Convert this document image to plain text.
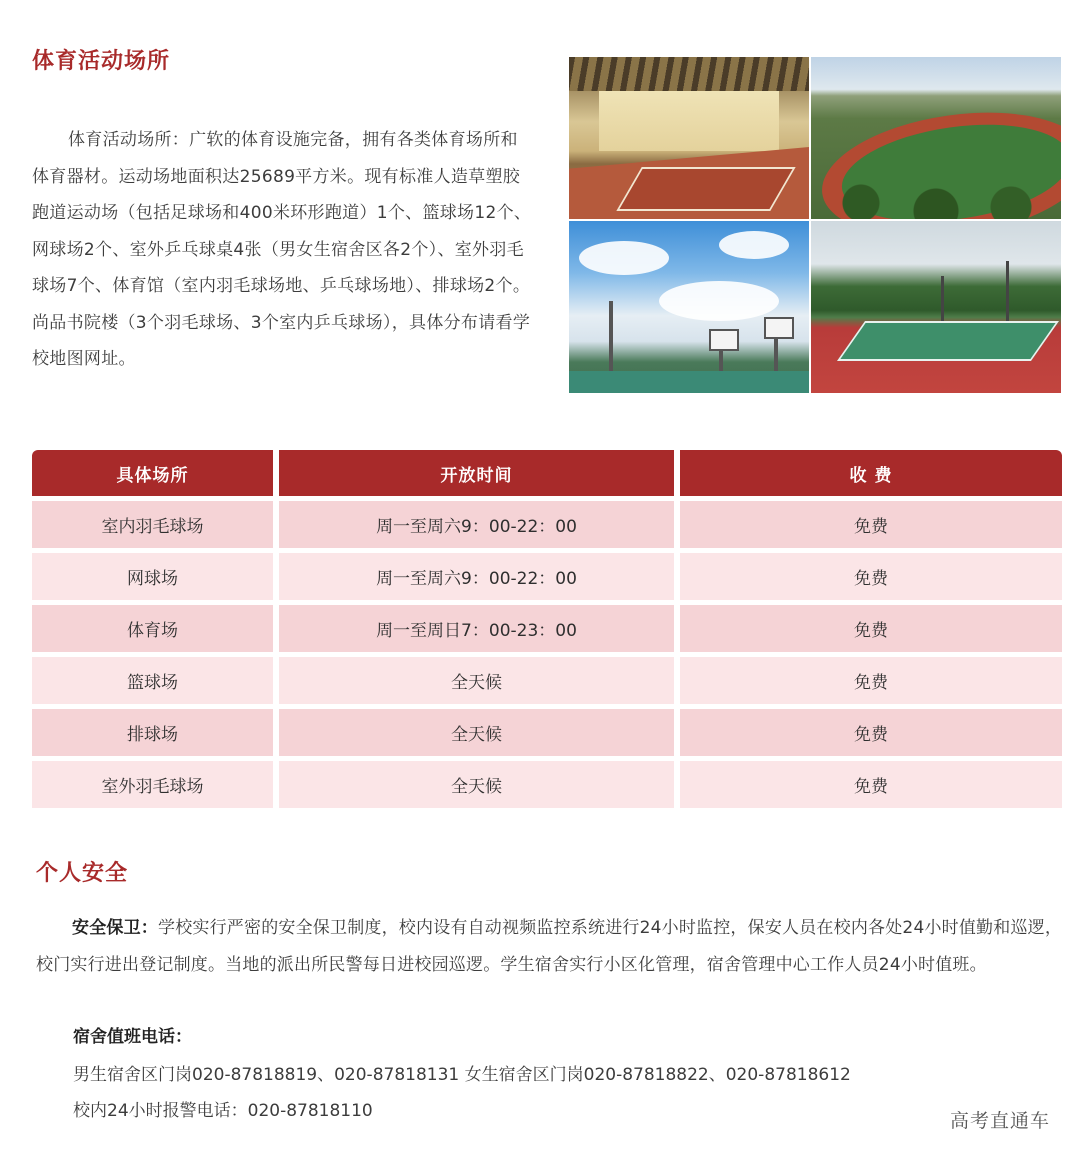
体育活动场所

体育活动场所：广软的体育设施完备，拥有各类体育场所和体育器材。运动场地面积达25689平方米。现有标准人造草塑胶跑道运动场（包括足球场和400米环形跑道）1个、篮球场12个、网球场2个、室外乒乓球桌4张（男女生宿舍区各2个）、室外羽毛球场7个、体育馆（室内羽毛球场地、乒乓球场地）、排球场2个。尚品书院楼（3个羽毛球场、3个室内乒乓球场），具体分布请看学校地图网址。

具体场所	开放时间	收 费
室内羽毛球场	周一至周六9：00-22：00	免费
网球场	周一至周六9：00-22：00	免费
体育场	周一至周日7：00-23：00	免费
篮球场	全天候	免费
排球场	全天候	免费
室外羽毛球场	全天候	免费
个人安全

安全保卫：学校实行严密的安全保卫制度，校内设有自动视频监控系统进行24小时监控，保安人员在校内各处24小时值勤和巡逻，校门实行进出登记制度。当地的派出所民警每日进校园巡逻。学生宿舍实行小区化管理，宿舍管理中心工作人员24小时值班。

宿舍值班电话：

男生宿舍区门岗020-87818819、020-87818131 女生宿舍区门岗020-87818822、020-87818612

校内24小时报警电话：020-87818110	高考直通车
